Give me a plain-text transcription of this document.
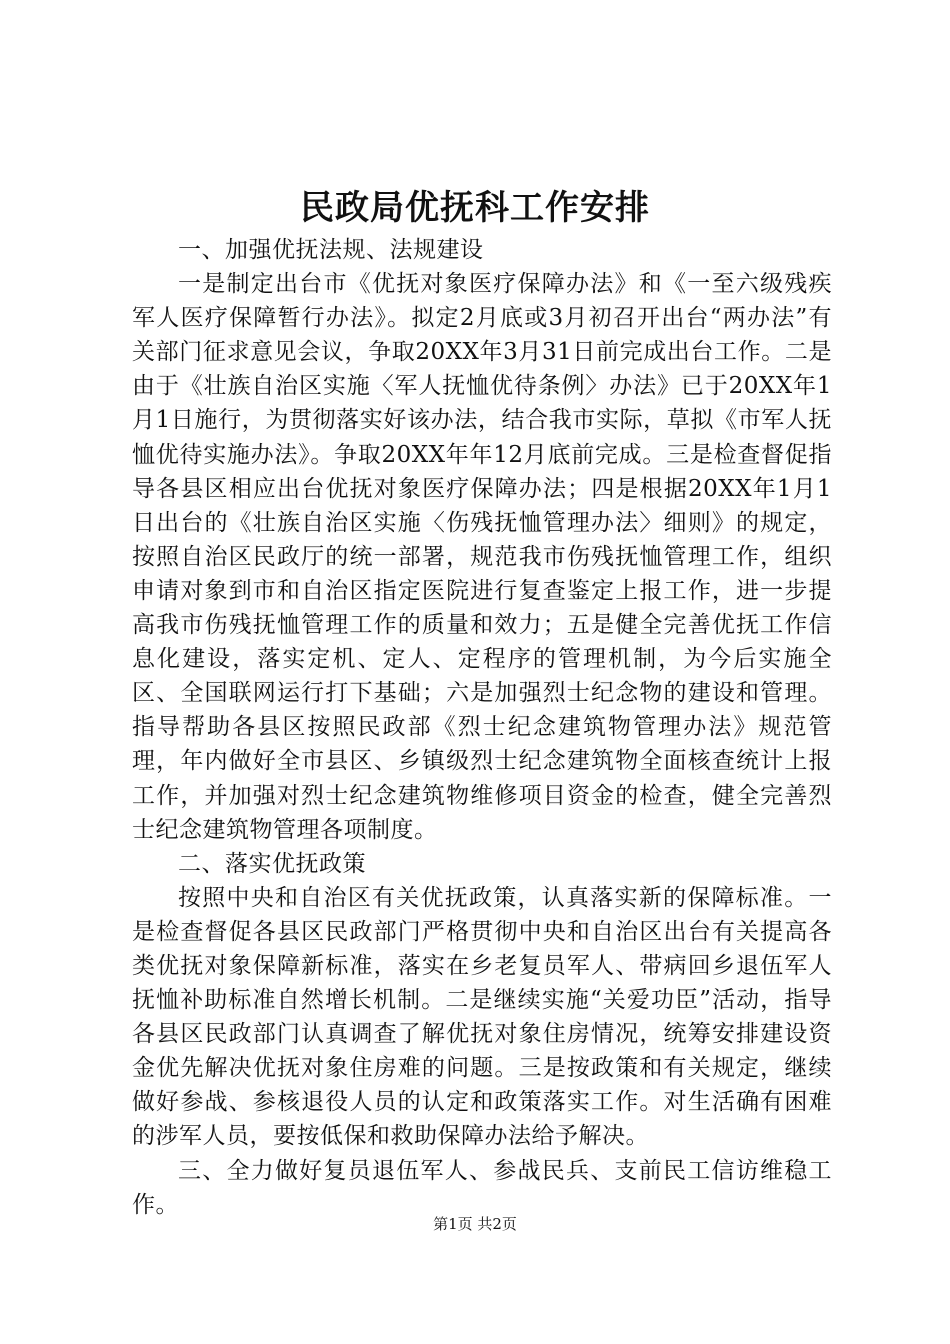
民政局优抚科工作安排

一、加强优抚法规、法规建设

一是制定出台市《优抚对象医疗保障办法》和《一至六级残疾军人医疗保障暂行办法》。拟定2月底或3月初召开出台“两办法”有关部门征求意见会议，争取20XX年3月31日前完成出台工作。二是由于《壮族自治区实施〈军人抚恤优待条例〉办法》已于20XX年1月1日施行，为贯彻落实好该办法，结合我市实际，草拟《市军人抚恤优待实施办法》。争取20XX年年12月底前完成。三是检查督促指导各县区相应出台优抚对象医疗保障办法；四是根据20XX年1月1日出台的《壮族自治区实施〈伤残抚恤管理办法〉细则》的规定，按照自治区民政厅的统一部署，规范我市伤残抚恤管理工作，组织申请对象到市和自治区指定医院进行复查鉴定上报工作，进一步提高我市伤残抚恤管理工作的质量和效力；五是健全完善优抚工作信息化建设，落实定机、定人、定程序的管理机制，为今后实施全区、全国联网运行打下基础；六是加强烈士纪念物的建设和管理。指导帮助各县区按照民政部《烈士纪念建筑物管理办法》规范管理，年内做好全市县区、乡镇级烈士纪念建筑物全面核查统计上报工作，并加强对烈士纪念建筑物维修项目资金的检查，健全完善烈士纪念建筑物管理各项制度。

二、落实优抚政策

按照中央和自治区有关优抚政策，认真落实新的保障标准。一是检查督促各县区民政部门严格贯彻中央和自治区出台有关提高各类优抚对象保障新标准，落实在乡老复员军人、带病回乡退伍军人抚恤补助标准自然增长机制。二是继续实施“关爱功臣”活动，指导各县区民政部门认真调查了解优抚对象住房情况，统筹安排建设资金优先解决优抚对象住房难的问题。三是按政策和有关规定，继续做好参战、参核退役人员的认定和政策落实工作。对生活确有困难的涉军人员，要按低保和救助保障办法给予解决。

三、全力做好复员退伍军人、参战民兵、支前民工信访维稳工作。

第1页 共2页
